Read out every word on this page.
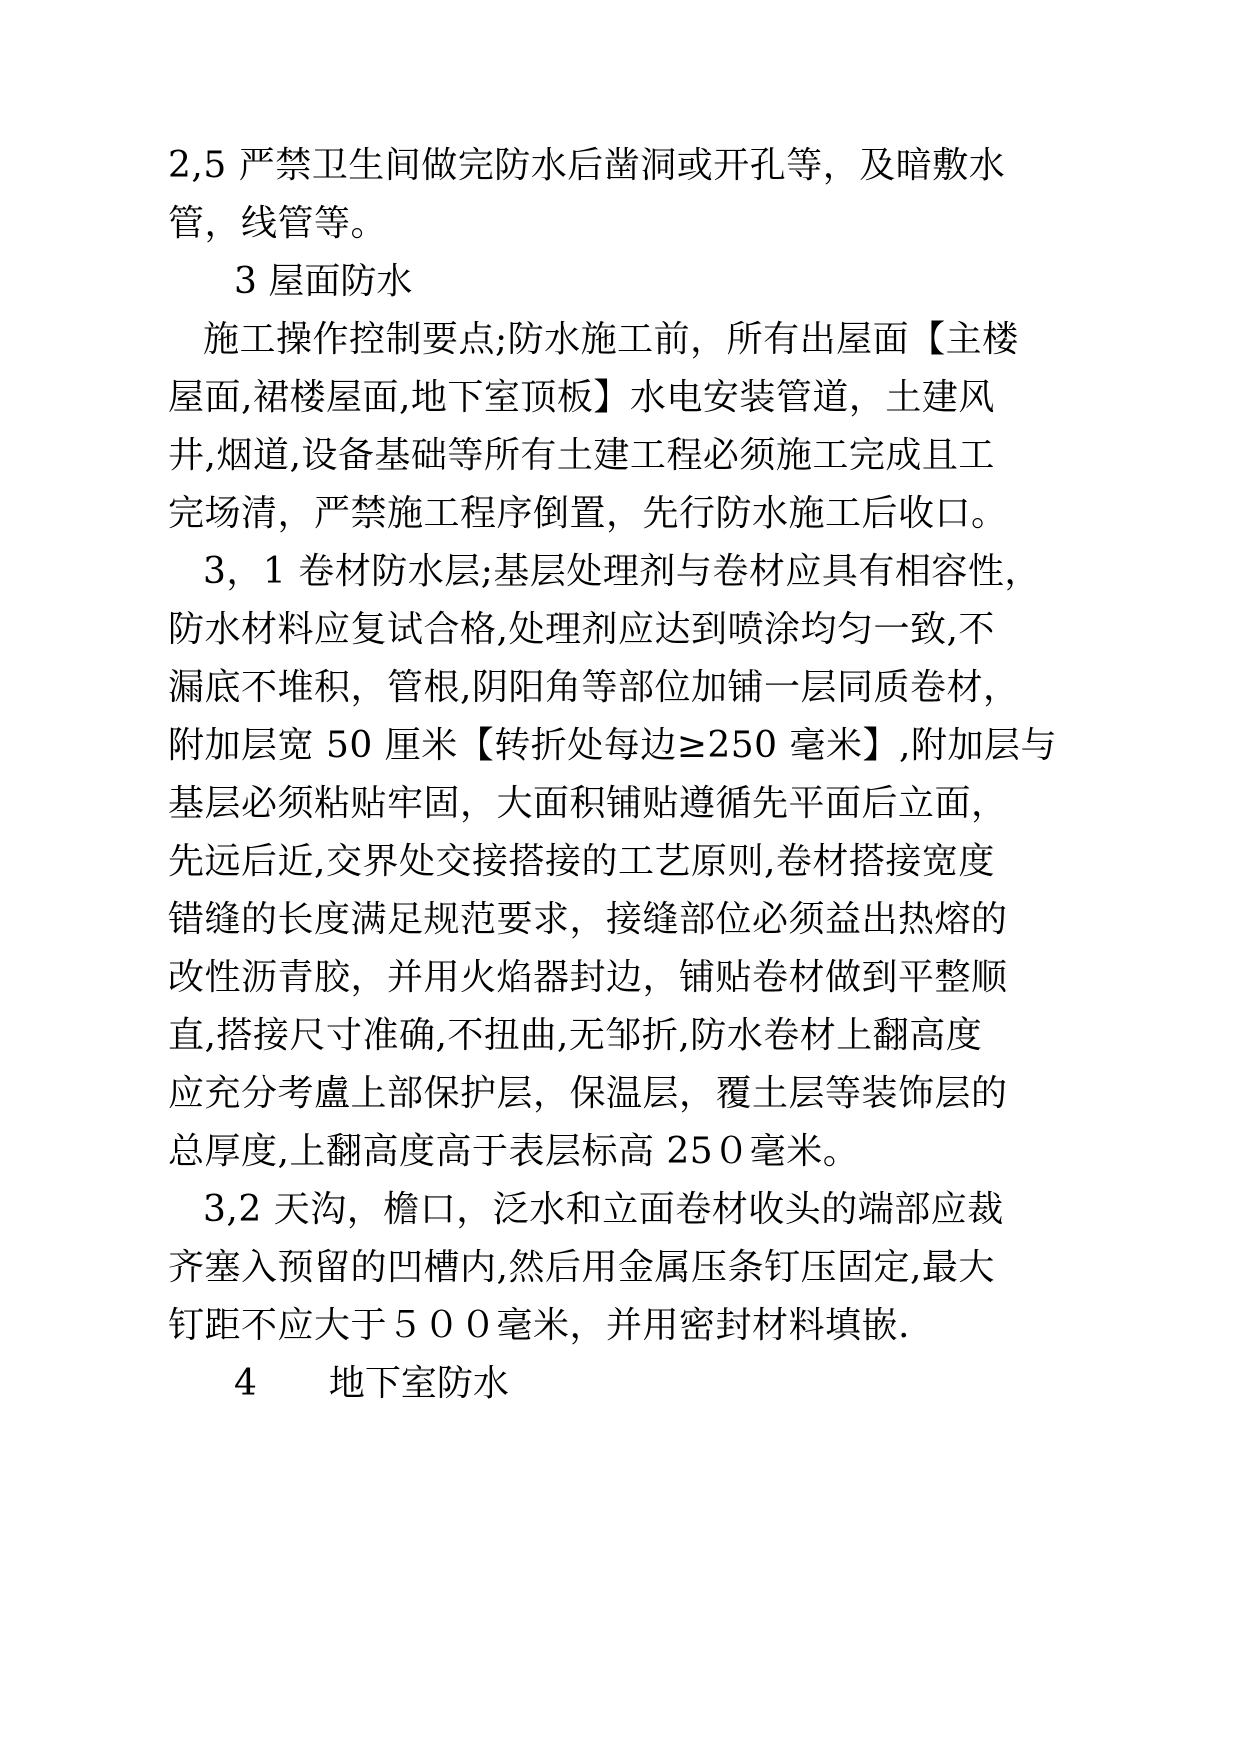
2,5 严禁卫生间做完防水后凿洞或开孔等，及暗敷水
管，线管等。
3 屋面防水
施工操作控制要点;防水施工前，所有出屋面【主楼
屋面,裙楼屋面,地下室顶板】水电安装管道，土建风
井,烟道,设备基础等所有土建工程必须施工完成且工
完场清，严禁施工程序倒置，先行防水施工后收口。
3，1 卷材防水层;基层处理剂与卷材应具有相容性，
防水材料应复试合格,处理剂应达到喷涂均匀一致,不
漏底不堆积，管根,阴阳角等部位加铺一层同质卷材，
附加层宽 50 厘米【转折处每边≥250 毫米】,附加层与
基层必须粘贴牢固，大面积铺贴遵循先平面后立面，
先远后近,交界处交接搭接的工艺原则,卷材搭接宽度
错缝的长度满足规范要求，接缝部位必须益出热熔的
改性沥青胶，并用火焰器封边，铺贴卷材做到平整顺
直,搭接尺寸准确,不扭曲,无邹折,防水卷材上翻高度
应充分考盧上部保护层，保温层，覆土层等装饰层的
总厚度,上翻高度高于表层标高 25０毫米。
3,2 天沟，檐口，泛水和立面卷材收头的端部应裁
齐塞入预留的凹槽内,然后用金属压条钉压固定,最大
钉距不应大于５００毫米，并用密封材料填嵌.
4　　地下室防水
